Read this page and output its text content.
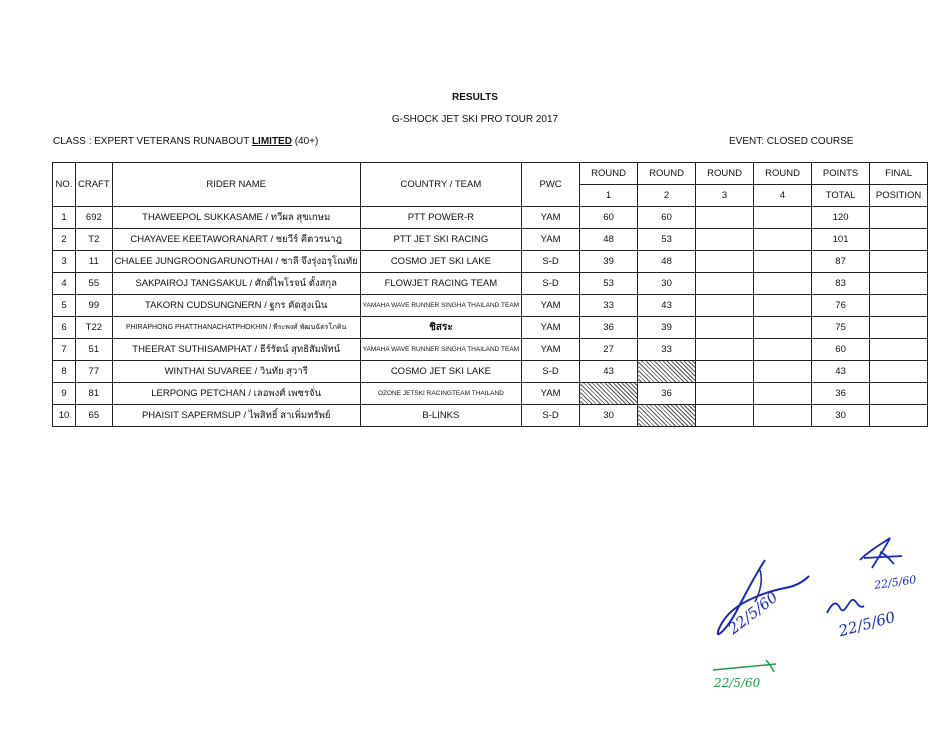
RESULTS
G-SHOCK JET SKI PRO TOUR 2017
CLASS : EXPERT VETERANS RUNABOUT LIMITED (40+)	EVENT: CLOSED COURSE
NO.	CRAFT	RIDER NAME	COUNTRY / TEAM	PWC	ROUND	ROUND	ROUND	ROUND	POINTS	FINAL
					1	2	3	4	TOTAL	POSITION
1	692	THAWEEPOL SUKKASAME / ทวีผล สุขเกษม	PTT POWER-R	YAM	60	60			120	
2	T2	CHAYAVEE KEETAWORANART / ชยวีร์ คีตวรนาฎ	PTT JET SKI RACING	YAM	48	53			101	
3	11	CHALEE JUNGROONGARUNOTHAI / ชาลี จึงรุ่งอรุโณทัย	COSMO JET SKI LAKE	S-D	39	48			87	
4	55	SAKPAIROJ TANGSAKUL / ศักดิ์ไพโรจน์ ตั้งสกุล	FLOWJET RACING TEAM	S-D	53	30			83	
5	99	TAKORN CUDSUNGNERN / ฐกร คัดสูงเนิน	YAMAHA WAVE RUNNER SINGHA THAILAND TEAM	YAM	33	43			76	
6	T22	PHIRAPHONG PHATTHANACHATPHOKHIN / พีระพงศ์ พัฒนฉัตรโภคิน	ชิสระ	YAM	36	39			75	
7	51	THEERAT SUTHISAMPHAT / ธีร์รัตน์ สุทธิสัมพัทน์	YAMAHA WAVE RUNNER SINGHA THAILAND TEAM	YAM	27	33			60	
8	77	WINTHAI SUVAREE / วินทัย สุวารี	COSMO JET SKI LAKE	S-D	43				43	
9	81	LERPONG PETCHAN / เลอพงศ์ เพชรจั่น	OZONE JETSKI RACINGTEAM THAILAND	YAM		36			36	
10	65	PHAISIT SAPERMSUP / ไพสิทธิ์ สาเพิ่มทรัพย์	B-LINKS	S-D	30				30	
22/5/60	22/5/60
22/5/60
22/5/60
